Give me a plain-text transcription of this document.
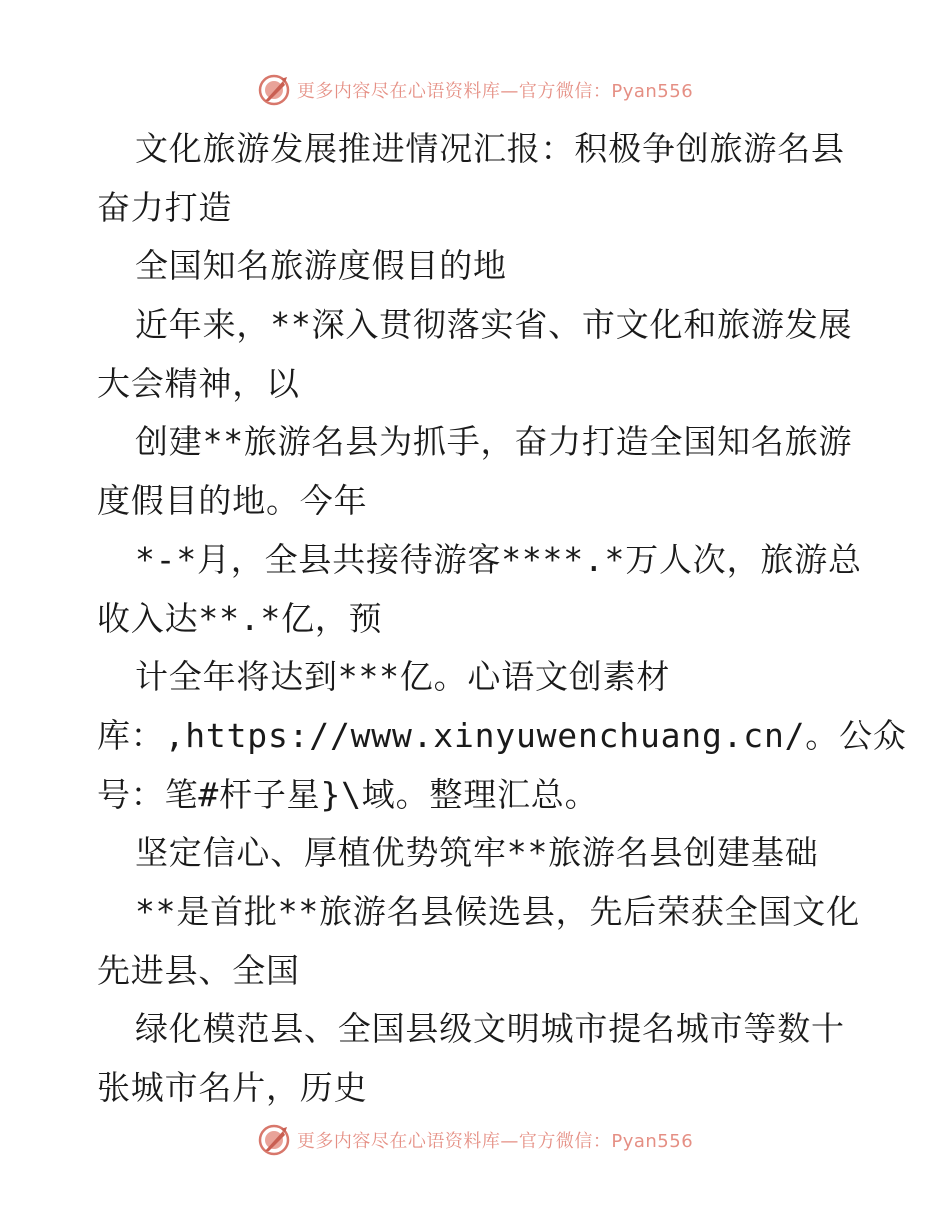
更多内容尽在心语资料库—官方微信：Pyan556
文化旅游发展推进情况汇报：积极争创旅游名县
奋力打造
全国知名旅游度假目的地
近年来，**深入贯彻落实省、市文化和旅游发展
大会精神，以
创建**旅游名县为抓手，奋力打造全国知名旅游
度假目的地。今年
*-*月，全县共接待游客****.*万人次，旅游总
收入达**.*亿，预
计全年将达到***亿。心语文创素材
库：,https://www.xinyuwenchuang.cn/。公众
号：笔#杆子星}\域。整理汇总。
坚定信心、厚植优势筑牢**旅游名县创建基础
**是首批**旅游名县候选县，先后荣获全国文化
先进县、全国
绿化模范县、全国县级文明城市提名城市等数十
张城市名片，历史
更多内容尽在心语资料库—官方微信：Pyan556
